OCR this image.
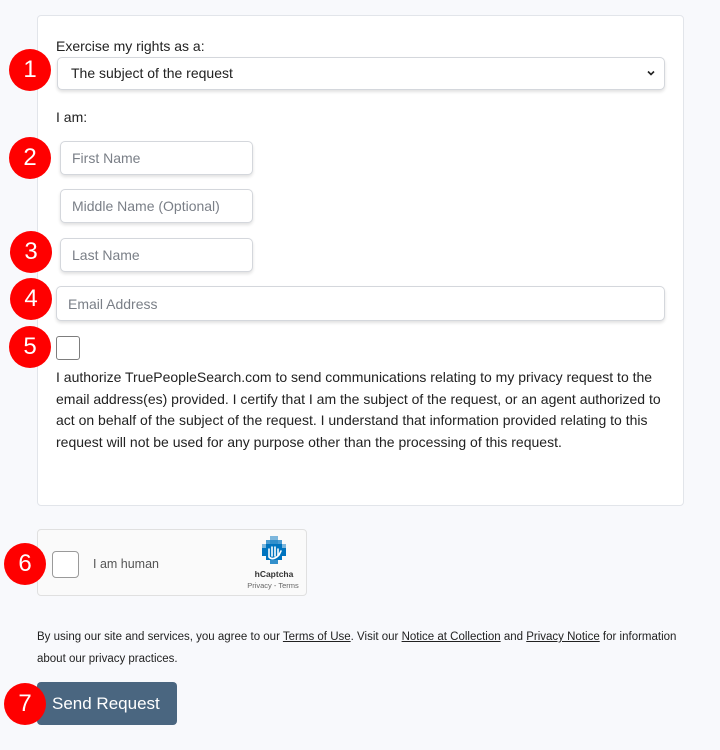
Exercise my rights as a:
The subject of the request
I am:
First Name
Middle Name (Optional)
Last Name
Email Address
I authorize TruePeopleSearch.com to send communications relating to my privacy request to the email address(es) provided. I certify that I am the subject of the request, or an agent authorized to act on behalf of the subject of the request. I understand that information provided relating to this request will not be used for any purpose other than the processing of this request.
I am human
hCaptcha
Privacy - Terms
By using our site and services, you agree to our Terms of Use. Visit our Notice at Collection and Privacy Notice for information about our privacy practices.
Send Request
1
2
3
4
5
6
7
